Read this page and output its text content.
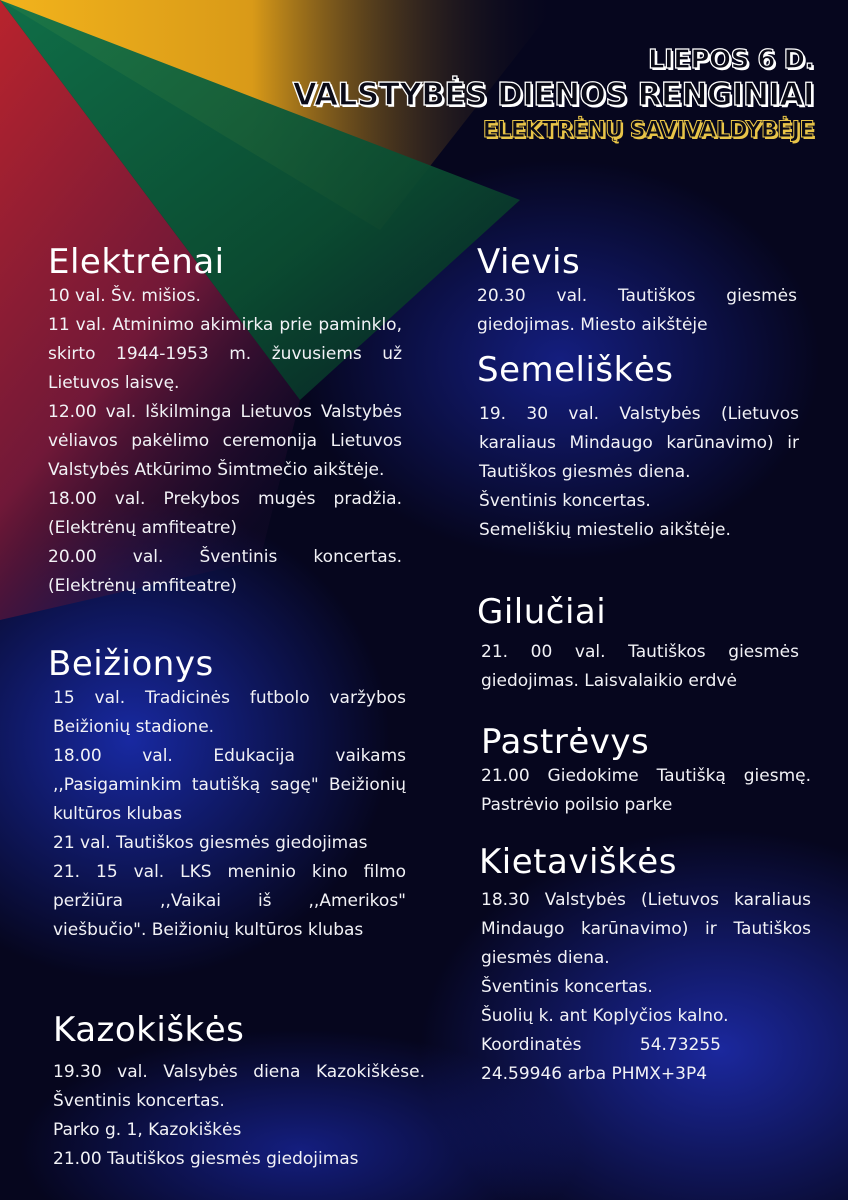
LIEPOS 6 D.
VALSTYBĖS DIENOS RENGINIAI
ELEKTRĖNŲ SAVIVALDYBĖJE
Elektrėnai

10 val. Šv. mišios.

11 val. Atminimo akimirka prie paminklo, skirto 1944-1953 m. žuvusiems už Lietuvos laisvę.

12.00 val. Iškilminga Lietuvos Valstybės vėliavos pakėlimo ceremonija Lietuvos Valstybės Atkūrimo Šimtmečio aikštėje.

18.00 val. Prekybos mugės pradžia. (Elektrėnų amfiteatre)

20.00 val. Šventinis koncertas. (Elektrėnų amfiteatre)

Beižionys

15 val. Tradicinės futbolo varžybos Beižionių stadione.

18.00 val. Edukacija vaikams ,,Pasigaminkim tautišką sagę" Beižionių kultūros klubas

21 val. Tautiškos giesmės giedojimas

21. 15 val. LKS meninio kino filmo peržiūra ,,Vaikai iš ,,Amerikos" viešbučio". Beižionių kultūros klubas

Kazokiškės

19.30 val. Valsybės diena Kazokiškėse. Šventinis koncertas.

Parko g. 1, Kazokiškės

21.00 Tautiškos giesmės giedojimas

Vievis

20.30 val. Tautiškos giesmės giedojimas. Miesto aikštėje

Semeliškės

19. 30 val. Valstybės (Lietuvos karaliaus Mindaugo karūnavimo) ir Tautiškos giesmės diena.

Šventinis koncertas.

Semeliškių miestelio aikštėje.

Gilučiai

21. 00 val. Tautiškos giesmės giedojimas. Laisvalaikio erdvė

Pastrėvys

21.00 Giedokime Tautišką giesmę. Pastrėvio poilsio parke

Kietaviškės

18.30 Valstybės (Lietuvos karaliaus Mindaugo karūnavimo) ir Tautiškos giesmės diena.

Šventinis koncertas.

Šuolių k. ant Koplyčios kalno.

Koordinatės 54.73255 24.59946 arba PHMX+3P4
